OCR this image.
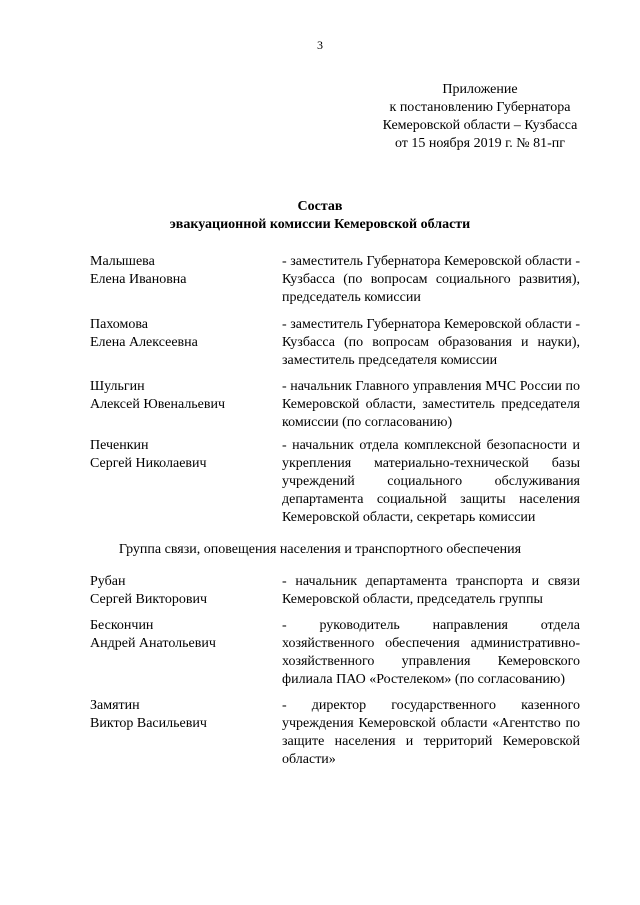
3
Приложение
к постановлению Губернатора
Кемеровской области – Кузбасса
от 15 ноября 2019 г. № 81-пг
Состав
эвакуационной комиссии Кемеровской области
Малышева
Елена Ивановна
- заместитель Губернатора Кемеровской области - Кузбасса (по вопросам социального развития), председатель комиссии
Пахомова
Елена Алексеевна
- заместитель Губернатора Кемеровской области - Кузбасса (по вопросам образования и науки), заместитель председателя комиссии
Шульгин
Алексей Ювенальевич
- начальник Главного управления МЧС России по Кемеровской области, заместитель председателя комиссии (по согласованию)
Печенкин
Сергей Николаевич
- начальник отдела комплексной безопасности и укрепления материально-технической базы учреждений социального обслуживания департамента социальной защиты населения Кемеровской области, секретарь комиссии
Группа связи, оповещения населения и транспортного обеспечения
Рубан
Сергей Викторович
- начальник департамента транспорта и связи Кемеровской области, председатель группы
Бескончин
Андрей Анатольевич
- руководитель направления отдела хозяйственного обеспечения административно-хозяйственного управления Кемеровского филиала ПАО «Ростелеком» (по согласованию)
Замятин
Виктор Васильевич
- директор государственного казенного учреждения Кемеровской области «Агентство по защите населения и территорий Кемеровской области»
